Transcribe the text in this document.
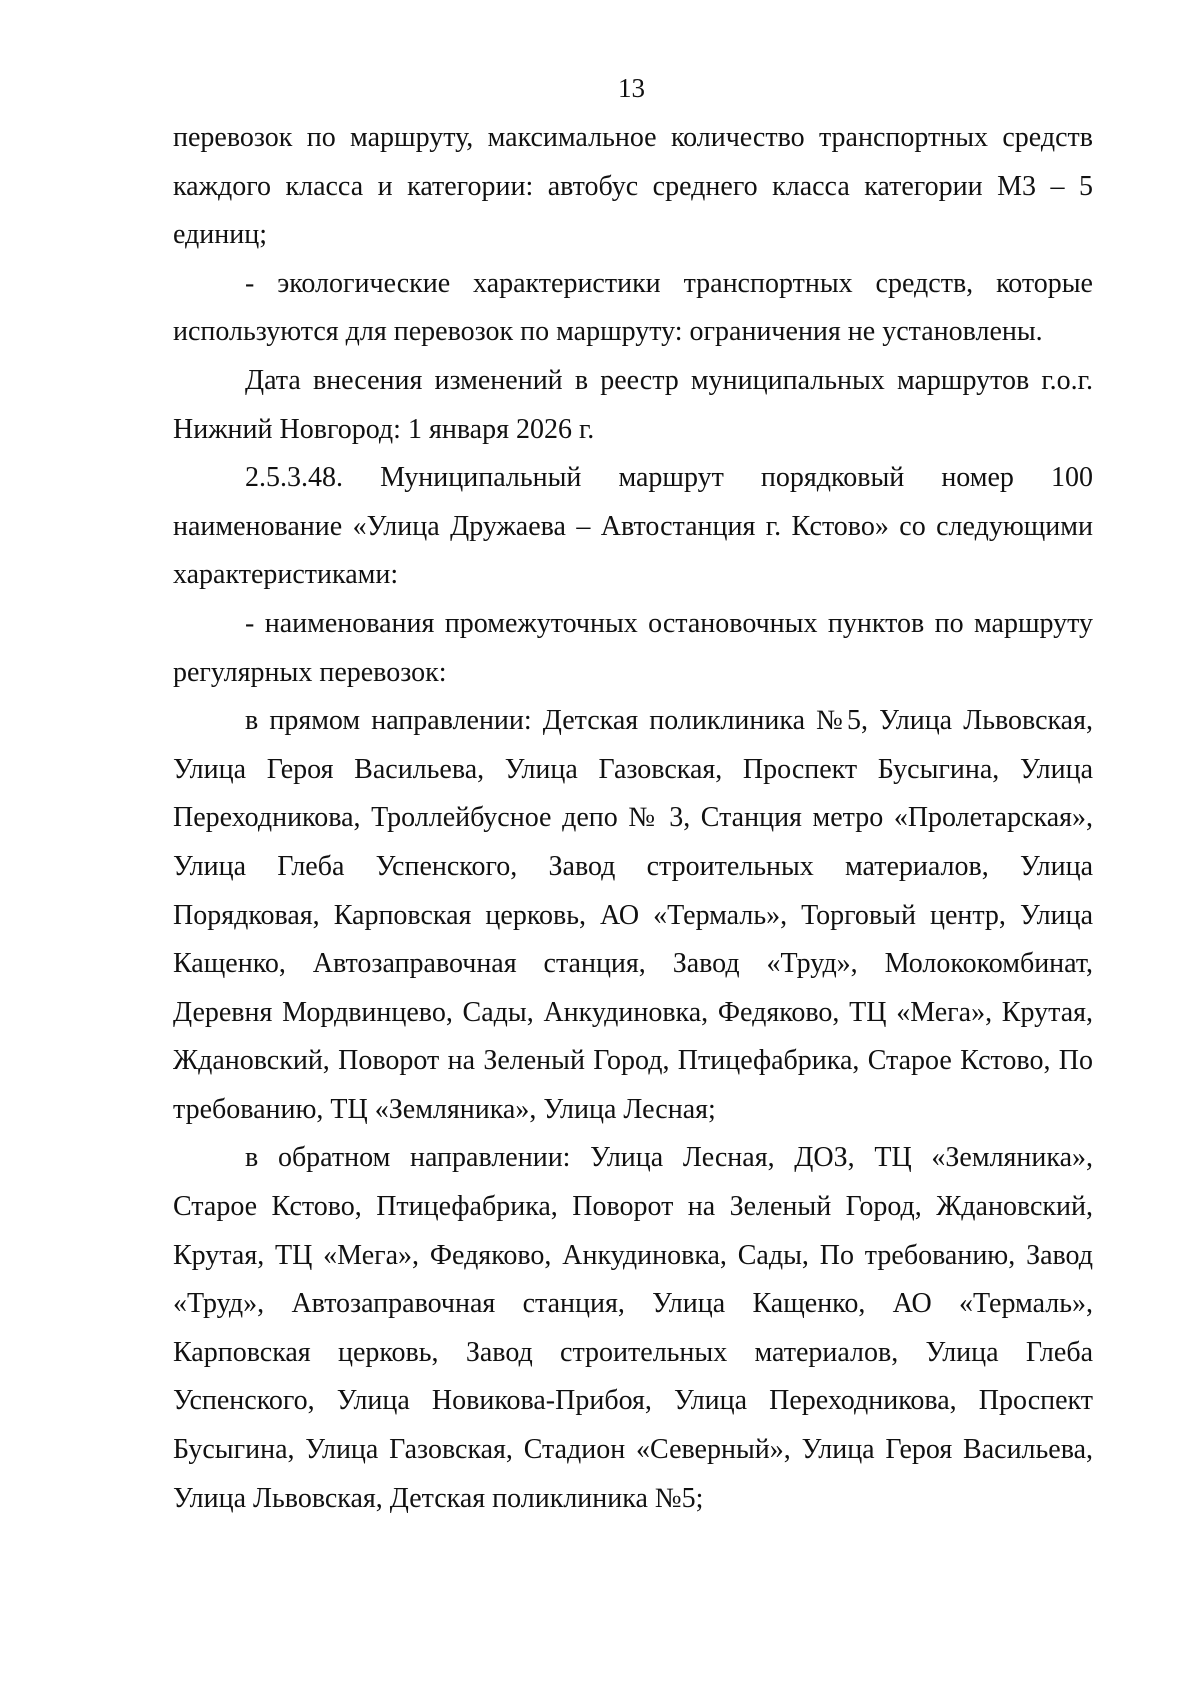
13

перевозок по маршруту, максимальное количество транспортных средств каждого класса и категории: автобус среднего класса категории М3 – 5 единиц;

- экологические характеристики транспортных средств, которые используются для перевозок по маршруту: ограничения не установлены.

Дата внесения изменений в реестр муниципальных маршрутов г.о.г. Нижний Новгород: 1 января 2026 г.

2.5.3.48. Муниципальный маршрут порядковый номер 100 наименование «Улица Дружаева – Автостанция г. Кстово» со следующими характеристиками:

- наименования промежуточных остановочных пунктов по маршруту регулярных перевозок:

в прямом направлении: Детская поликлиника №5, Улица Львовская, Улица Героя Васильева, Улица Газовская, Проспект Бусыгина, Улица Переходникова, Троллейбусное депо № 3, Станция метро «Пролетарская», Улица Глеба Успенского, Завод строительных материалов, Улица Порядковая, Карповская церковь, АО «Термаль», Торговый центр, Улица Кащенко, Автозаправочная станция, Завод «Труд», Молококомбинат, Деревня Мордвинцево, Сады, Анкудиновка, Федяково, ТЦ «Мега», Крутая, Ждановский, Поворот на Зеленый Город, Птицефабрика, Старое Кстово, По требованию, ТЦ «Земляника», Улица Лесная;

в обратном направлении: Улица Лесная, ДОЗ, ТЦ «Земляника», Старое Кстово, Птицефабрика, Поворот на Зеленый Город, Ждановский, Крутая, ТЦ «Мега», Федяково, Анкудиновка, Сады, По требованию, Завод «Труд», Автозаправочная станция, Улица Кащенко, АО «Термаль», Карповская церковь, Завод строительных материалов, Улица Глеба Успенского, Улица Новикова-Прибоя, Улица Переходникова, Проспект Бусыгина, Улица Газовская, Стадион «Северный», Улица Героя Васильева, Улица Львовская, Детская поликлиника №5;
